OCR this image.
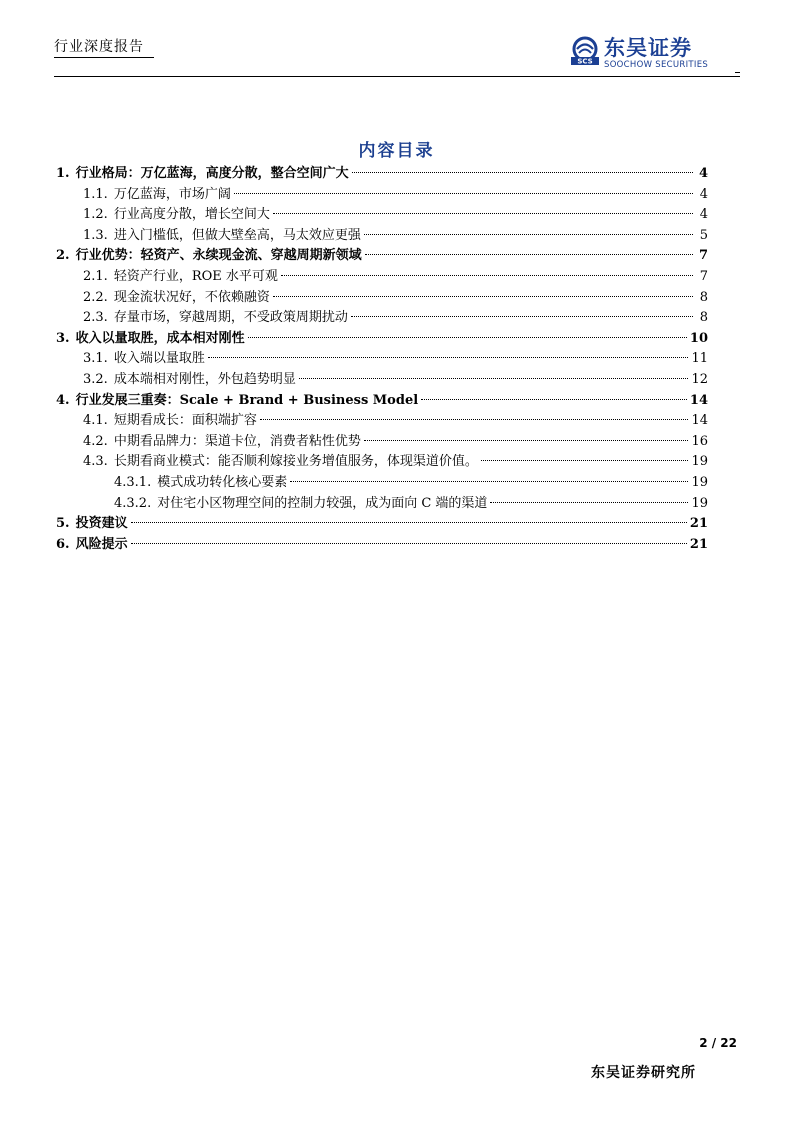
行业深度报告
SCS
东吴证券
SOOCHOW SECURITIES
内容目录
1. 行业格局：万亿蓝海，高度分散，整合空间广大	4
1.1. 万亿蓝海，市场广阔	4
1.2. 行业高度分散，增长空间大	4
1.3. 进入门槛低，但做大壁垒高，马太效应更强	5
2. 行业优势：轻资产、永续现金流、穿越周期新领域	7
2.1. 轻资产行业，ROE 水平可观	7
2.2. 现金流状况好，不依赖融资	8
2.3. 存量市场，穿越周期，不受政策周期扰动	8
3. 收入以量取胜，成本相对刚性	10
3.1. 收入端以量取胜	11
3.2. 成本端相对刚性，外包趋势明显	12
4. 行业发展三重奏：Scale + Brand + Business Model	14
4.1. 短期看成长：面积端扩容	14
4.2. 中期看品牌力：渠道卡位，消费者粘性优势	16
4.3. 长期看商业模式：能否顺利嫁接业务增值服务，体现渠道价值。	19
4.3.1. 模式成功转化核心要素	19
4.3.2. 对住宅小区物理空间的控制力较强，成为面向 C 端的渠道	19
5. 投资建议	21
6. 风险提示	21
2 / 22
东吴证券研究所
